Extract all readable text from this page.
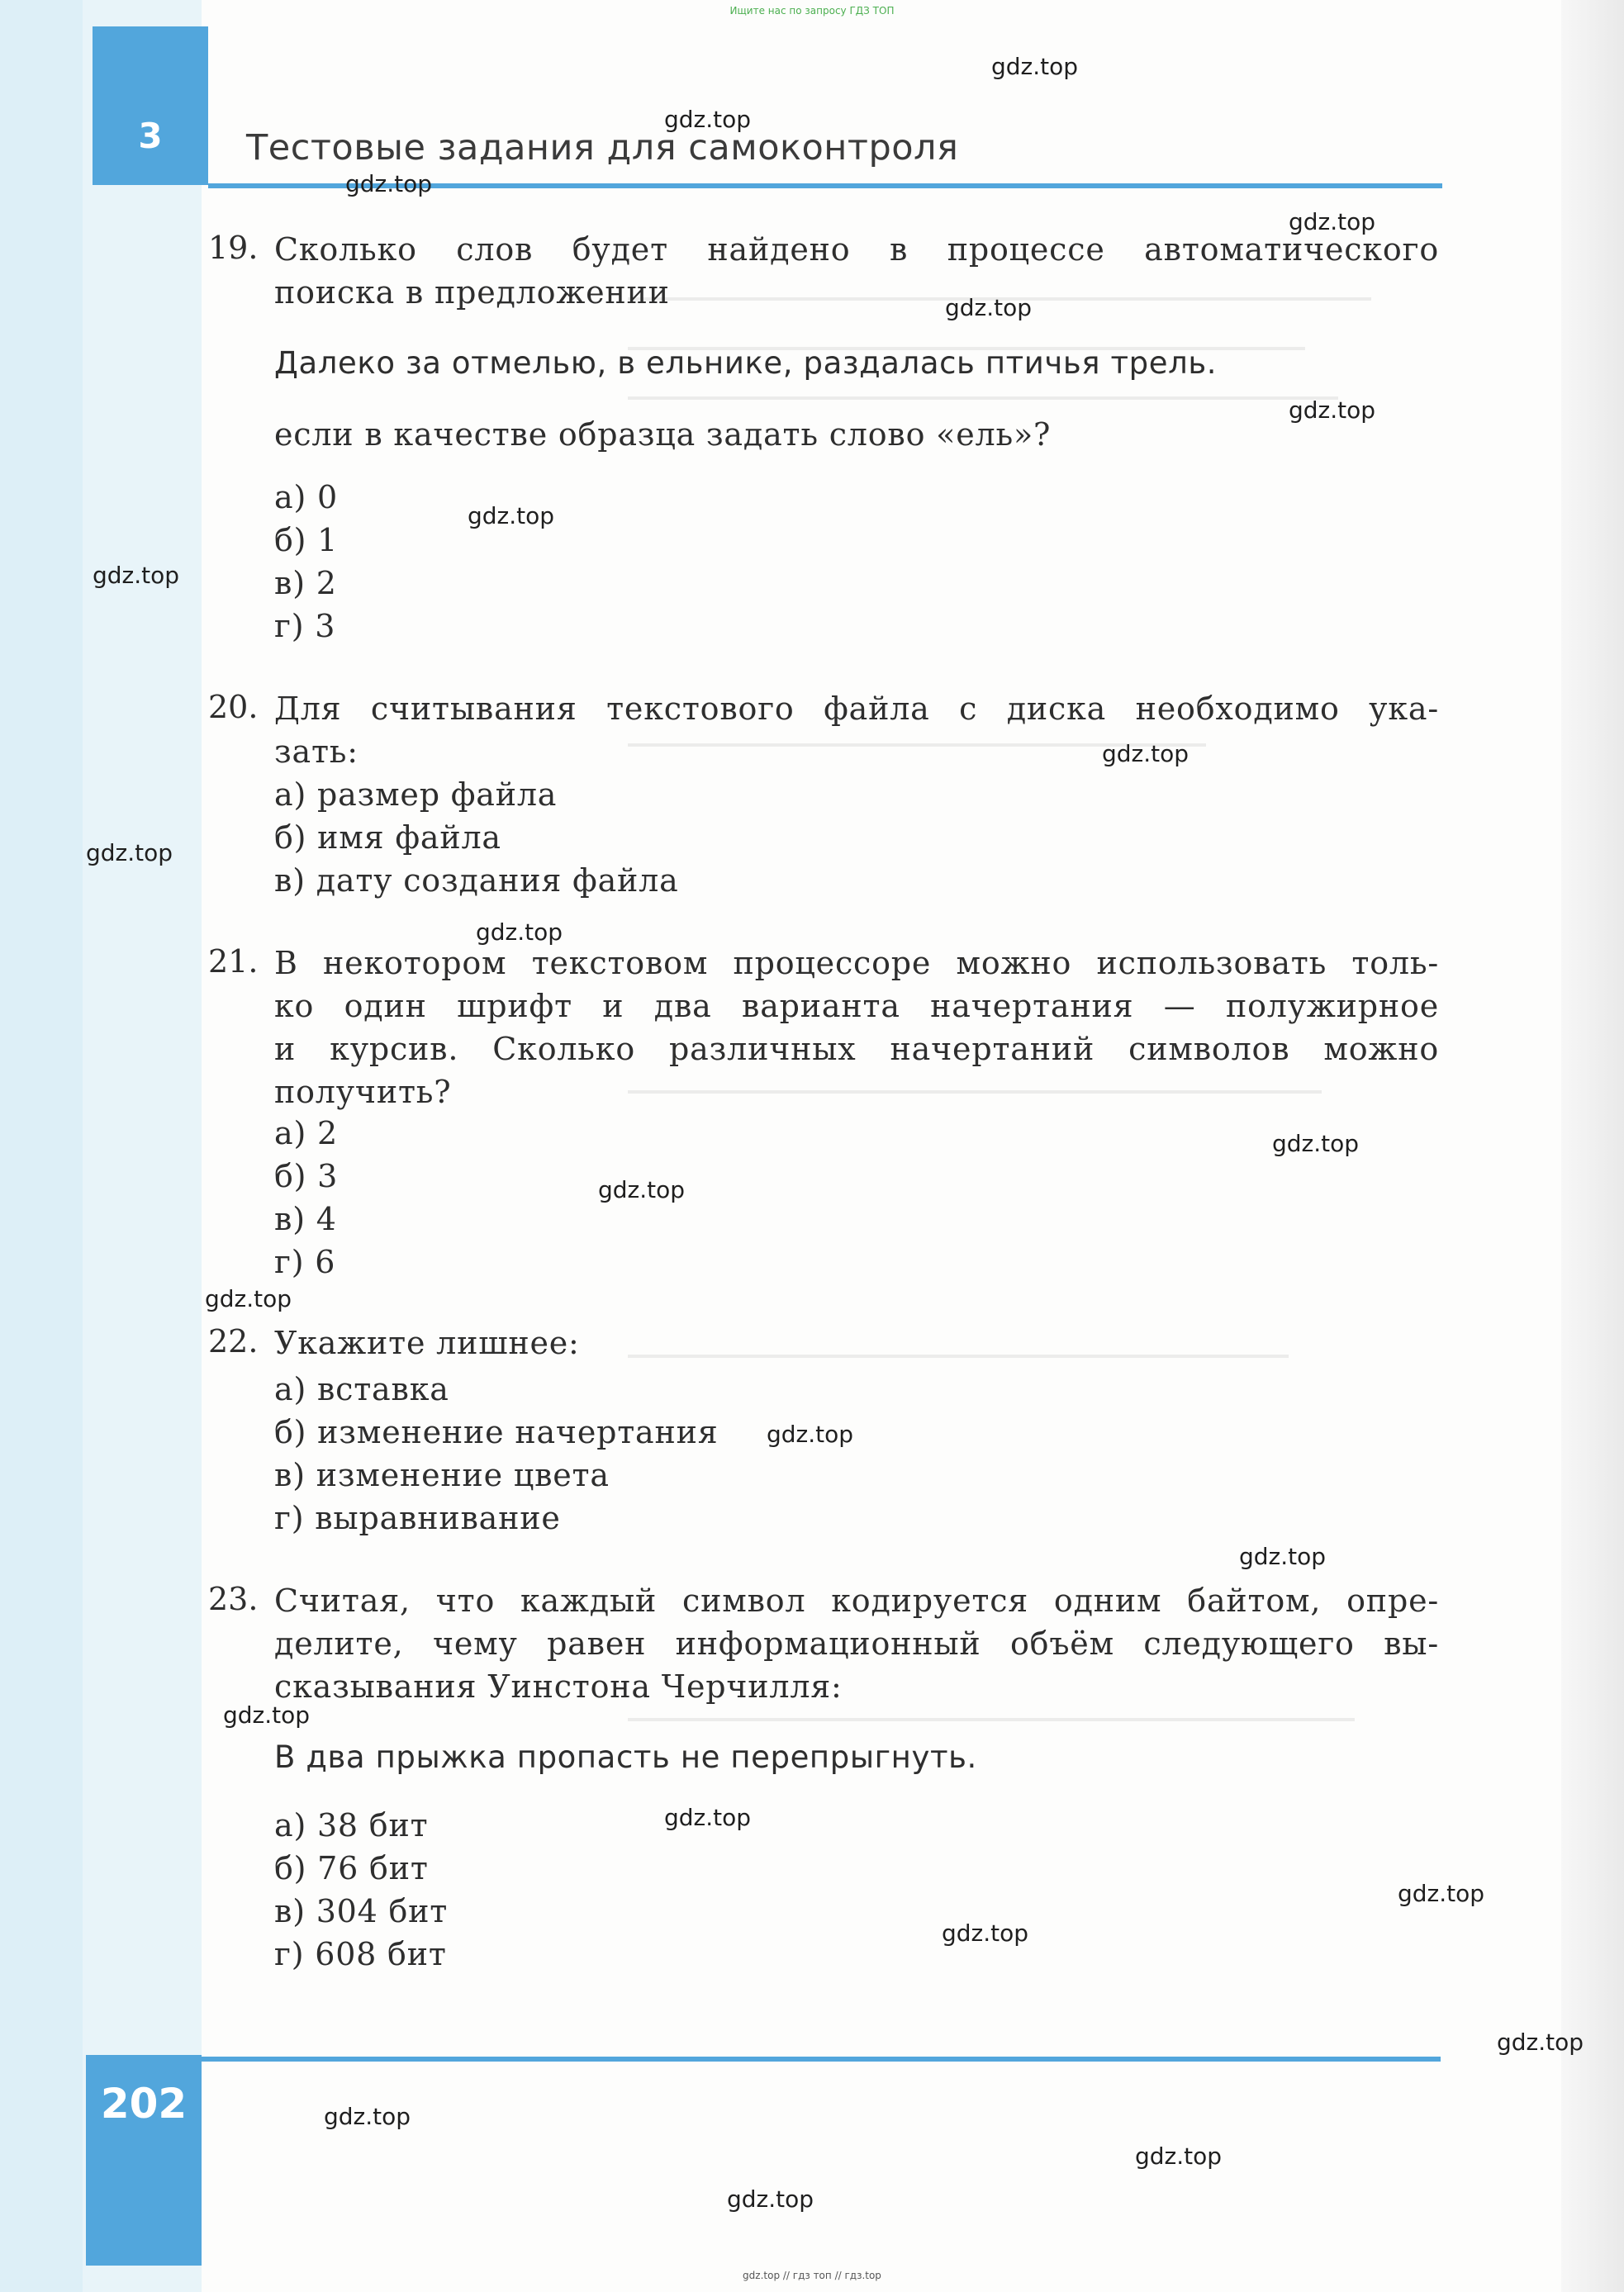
Ищите нас по запросу ГДЗ ТОП
3	Тестовые задания для самоконтроля
19. Сколько слов будет найдено в процессе автоматического
поиска в предложении
Далеко за отмелью, в ельнике, раздалась птичья трель.
если в качестве образца задать слово «ель»?
а) 0
б) 1
в) 2
г) 3
20. Для считывания текстового файла с диска необходимо ука-
зать:
а) размер файла
б) имя файла
в) дату создания файла
21. В некотором текстовом процессоре можно использовать толь-
ко один шрифт и два варианта начертания — полужирное
и курсив. Сколько различных начертаний символов можно
получить?
а) 2
б) 3
в) 4
г) 6
22. Укажите лишнее:
а) вставка
б) изменение начертания
в) изменение цвета
г) выравнивание
23. Считая, что каждый символ кодируется одним байтом, опре-
делите, чему равен информационный объём следующего вы-
сказывания Уинстона Черчилля:
В два прыжка пропасть не перепрыгнуть.
а) 38 бит
б) 76 бит
в) 304 бит
г) 608 бит
202
gdz.top // гдз топ // гдз.top
gdz.top
gdz.top
gdz.top
gdz.top
gdz.top
gdz.top
gdz.top
gdz.top
gdz.top
gdz.top
gdz.top
gdz.top
gdz.top
gdz.top
gdz.top
gdz.top
gdz.top
gdz.top
gdz.top
gdz.top
gdz.top
gdz.top
gdz.top
gdz.top
